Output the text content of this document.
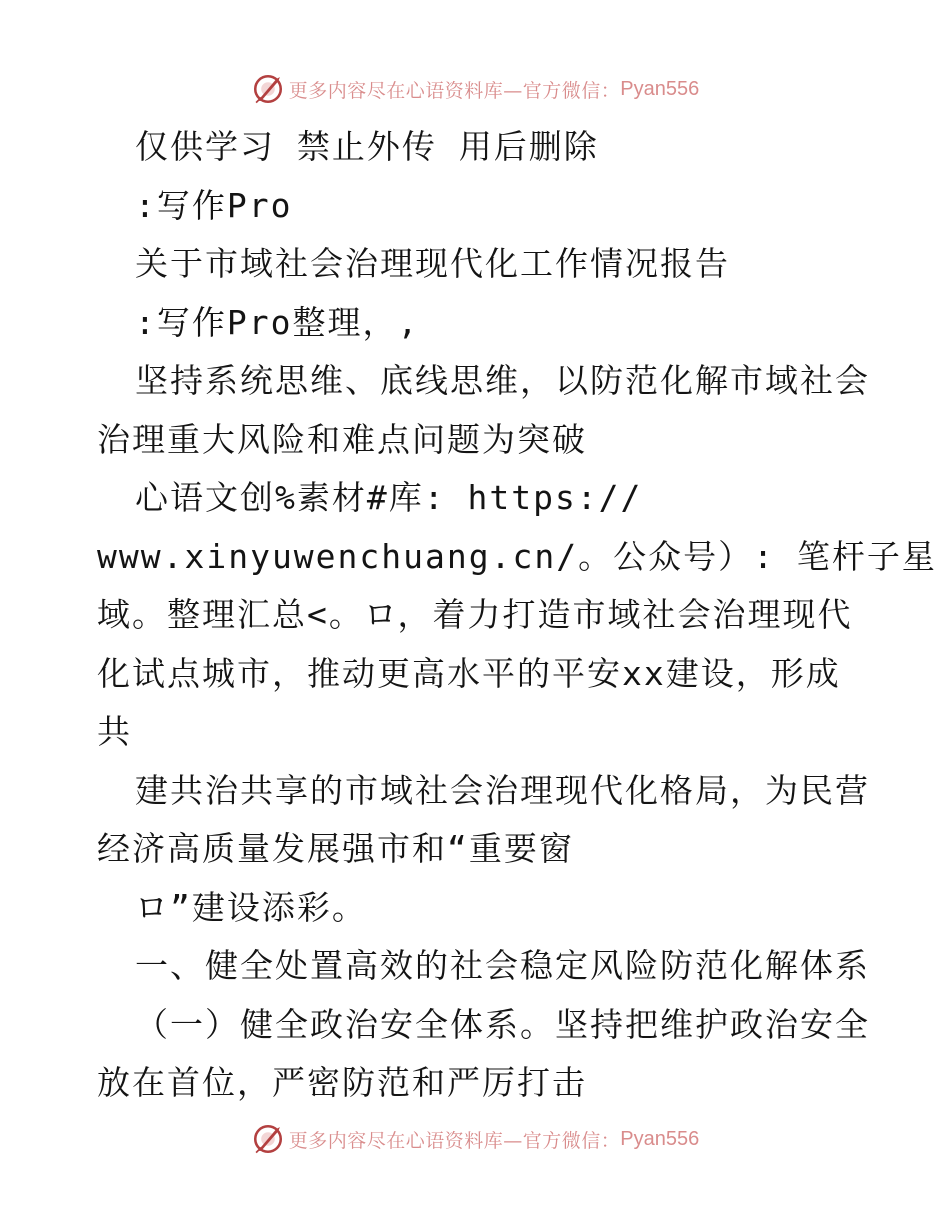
更多内容尽在心语资料库—官方微信： Pyan556
仅供学习 禁止外传 用后删除
:写作Pro
关于市域社会治理现代化工作情况报告
:写作Pro整理，,
坚持系统思维、底线思维，以防范化解市域社会
治理重大风险和难点问题为突破
心语文创%素材#库: https://
www.xinyuwenchuang.cn/。公众号）: 笔杆子星
域。整理汇总<。ロ，着力打造市域社会治理现代
化试点城市，推动更高水平的平安xx建设，形成
共
建共治共享的市域社会治理现代化格局，为民营
经济高质量发展强市和“重要窗
ロ”建设添彩。
一、健全处置高效的社会稳定风险防范化解体系
（一）健全政治安全体系。坚持把维护政治安全
放在首位，严密防范和严厉打击
更多内容尽在心语资料库—官方微信： Pyan556
